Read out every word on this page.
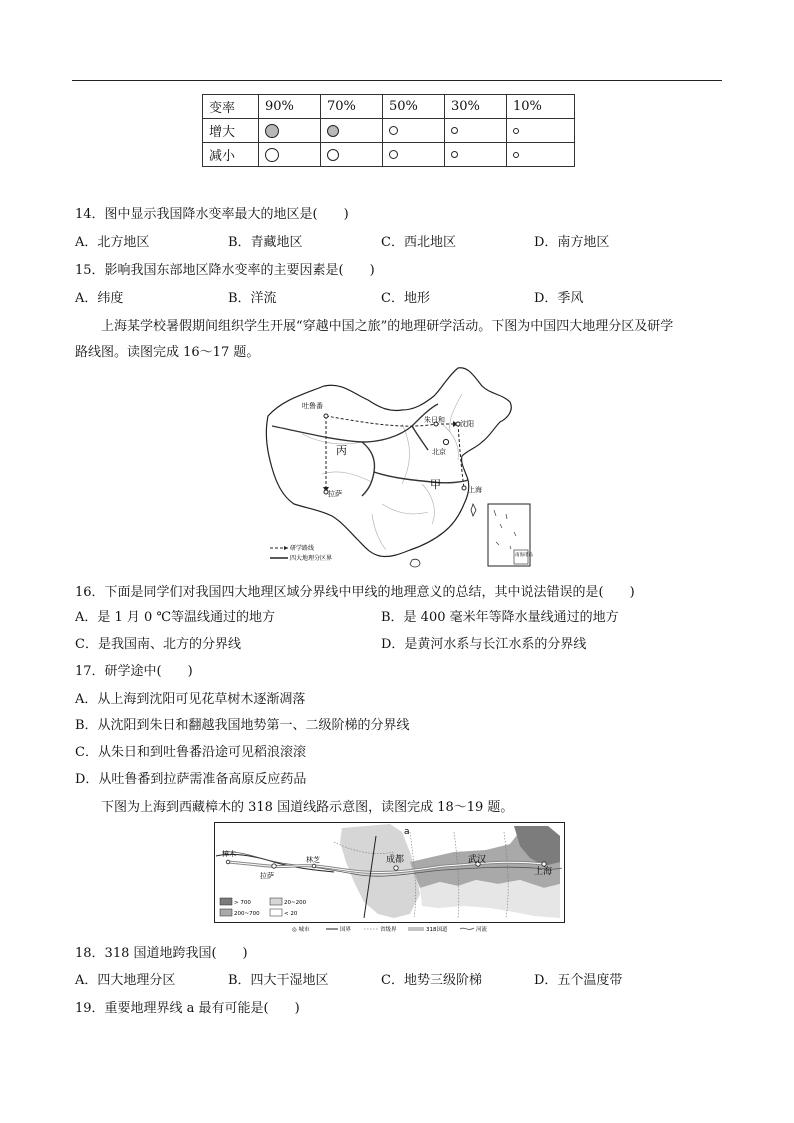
变率	90%	70%	50%	30%	10%
增大					
减小					
14．图中显示我国降水变率最大的地区是(　　)
A．北方地区	B．青藏地区	C．西北地区	D．南方地区
15．影响我国东部地区降水变率的主要因素是(　　)
A．纬度	B．洋流	C．地形	D．季风
上海某学校暑假期间组织学生开展“穿越中国之旅”的地理研学活动。下图为中国四大地理分区及研学
路线图。读图完成 16～17 题。
吐鲁番
朱日和 沈阳
北京
拉萨	上海
丙
甲
南海诸岛
研学路线
四大地理分区界
16．下面是同学们对我国四大地理区域分界线中甲线的地理意义的总结，其中说法错误的是(　　)
A．是 1 月 0 ℃等温线通过的地方	B．是 400 毫米年等降水量线通过的地方
C．是我国南、北方的分界线	D．是黄河水系与长江水系的分界线
17．研学途中(　　)
A．从上海到沈阳可见花草树木逐渐凋落
B．从沈阳到朱日和翻越我国地势第一、二级阶梯的分界线
C．从朱日和到吐鲁番沿途可见稻浪滚滚
D．从吐鲁番到拉萨需准备高原反应药品
下图为上海到西藏樟木的 318 国道线路示意图，读图完成 18～19 题。
a
樟木
拉萨
林芝	成都	武汉
上海
> 700	20~200
200~700	< 20
◎ 城市	国界	省级界	318国道	河流
18．318 国道地跨我国(　　)
A．四大地理分区	B．四大干湿地区	C．地势三级阶梯	D．五个温度带
19．重要地理界线 a 最有可能是(　　)
